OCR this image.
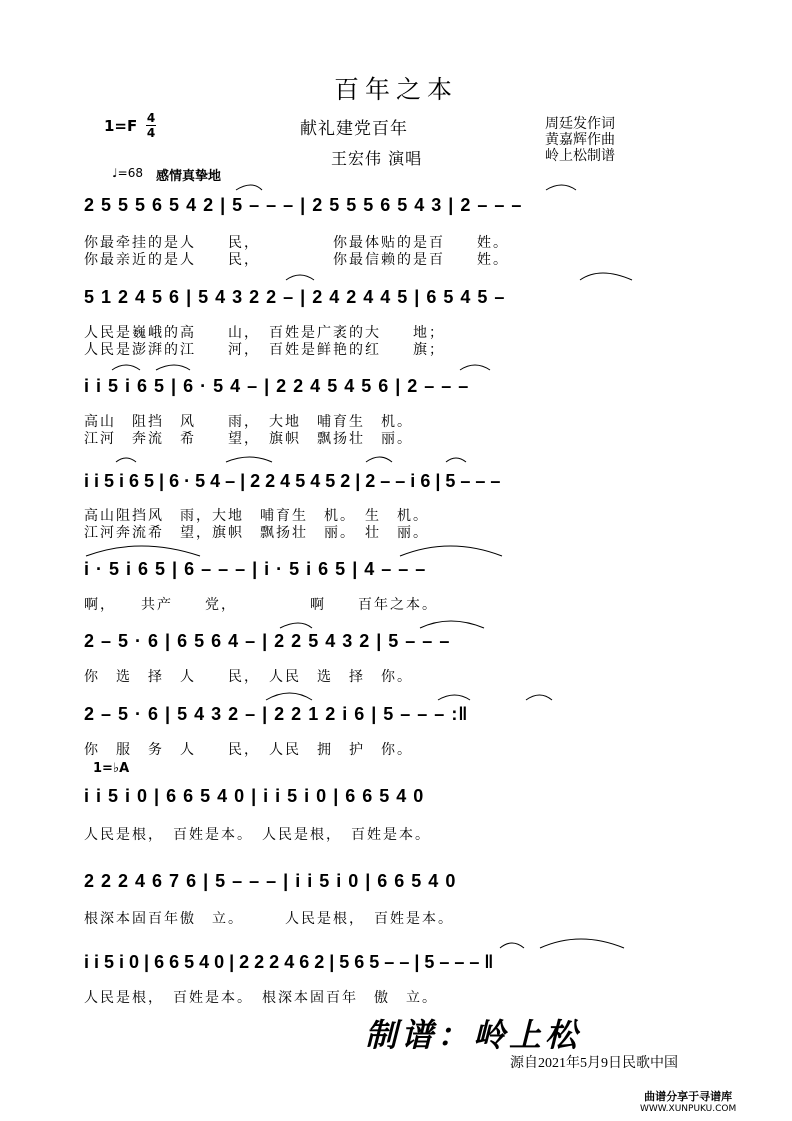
百年之本
献礼建党百年
王宏伟 演唱
周廷发作词
黄嘉辉作曲
岭上松制谱
1=F 4
4
♩=68 感情真挚地
1=♭A
2 5 5 5 6 5 4 2 | 5 – – – | 2 5 5 5 6 5 4 3 | 2 – – –
你最牵挂的是人　　民，　　　　　你最体贴的是百　　姓。
你最亲近的是人　　民，　　　　　你最信赖的是百　　姓。
5 1 2 4 5 6 | 5 4 3 2 2 – | 2 4 2 4 4 5 | 6 5 4 5 –
人民是巍峨的高　　山，　百姓是广袤的大　　地；
人民是澎湃的江　　河，　百姓是鲜艳的红　　旗；
i i 5 i 6 5 | 6 · 5 4 – | 2 2 4 5 4 5 6 | 2 – – –
高山　阻挡　风　　雨，　大地　哺育生　机。
江河　奔流　希　　望，　旗帜　飘扬壮　丽。
i i 5 i 6 5 | 6 · 5 4 – | 2 2 4 5 4 5 2 | 2 – – i 6 | 5 – – –
高山阻挡风　雨，大地　哺育生　机。　生　机。
江河奔流希　望，旗帜　飘扬壮　丽。　壮　丽。
i · 5 i 6 5 | 6 – – – | i · 5 i 6 5 | 4 – – –
啊，　　共产　　党，　　　　　啊　　百年之本。
2 – 5 · 6 | 6 5 6 4 – | 2 2 5 4 3 2 | 5 – – –
你　选　择　人　　民，　人民　选　择　你。
2 – 5 · 6 | 5 4 3 2 – | 2 2 1 2 i 6 | 5 – – – :‖
你　服　务　人　　民，　人民　拥　护　你。
i i 5 i 0 | 6 6 5 4 0 | i i 5 i 0 | 6 6 5 4 0
人民是根，　百姓是本。　人民是根，　百姓是本。
2 2 2 4 6 7 6 | 5 – – – | i i 5 i 0 | 6 6 5 4 0
根深本固百年傲　立。　　　人民是根，　百姓是本。
i i 5 i 0 | 6 6 5 4 0 | 2 2 2 4 6 2 | 5 6 5 – – | 5 – – – ‖
人民是根，　百姓是本。　根深本固百年　傲　立。
制谱：岭上松
源自2021年5月9日民歌中国
曲谱分享于寻谱库
WWW.XUNPUKU.COM
